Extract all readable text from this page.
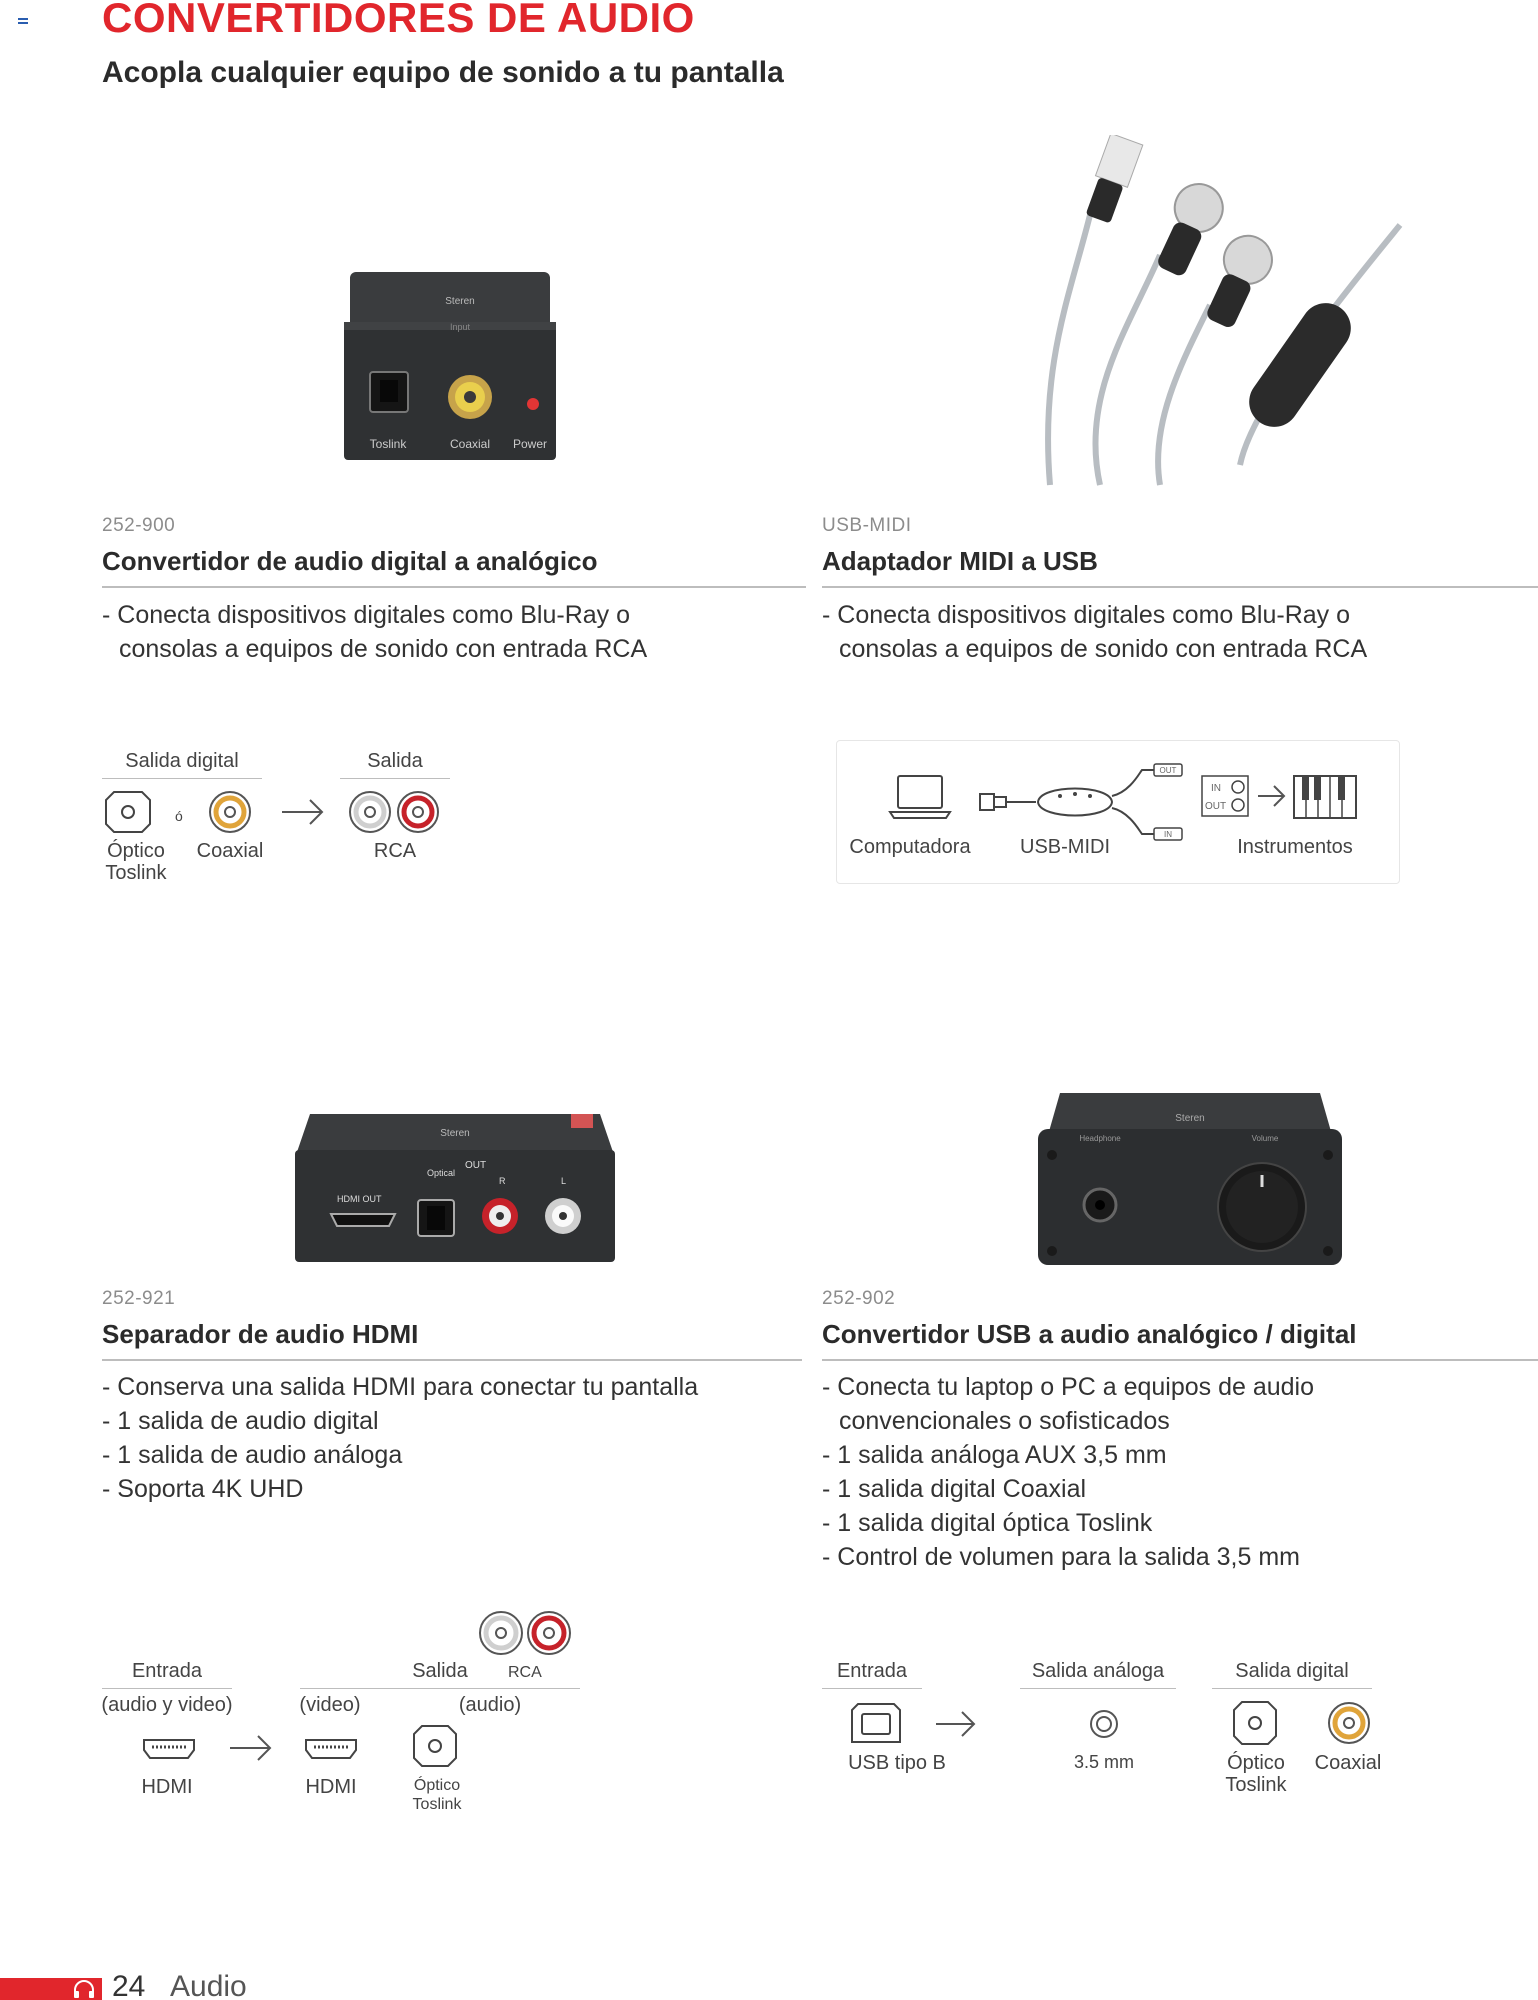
CONVERTIDORES DE AUDIO
Acopla cualquier equipo de sonido a tu pantalla
Steren
Input
Toslink	Coaxial Power
252-900
Convertidor de audio digital a analógico
- Conecta dispositivos digitales como Blu-Ray o consolas a equipos de sonido con entrada RCA
Salida digital	Salida
ó
Óptico
Toslink
Coaxial	RCA
USB-MIDI
Adaptador MIDI a USB
- Conecta dispositivos digitales como Blu-Ray o consolas a equipos de sonido con entrada RCA
OUT
IN
IN
OUT
Computadora	USB-MIDI	Instrumentos
Steren
HDMI OUT
Optical
OUT
R	L
252-921
Separador de audio HDMI
- Conserva una salida HDMI para conectar tu pantalla
- 1 salida de audio digital
- 1 salida de audio análoga
- Soporta 4K UHD
Entrada	Salida	RCA
(audio y video)	(video)	(audio)
HDMI	HDMI	Óptico
Toslink
Steren
Headphone	Volume
252-902
Convertidor USB a audio analógico / digital
- Conecta tu laptop o PC a equipos de audio convencionales o sofisticados
- 1 salida análoga AUX 3,5 mm
- 1 salida digital Coaxial
- 1 salida digital óptica Toslink
- Control de volumen para la salida 3,5 mm
Entrada	Salida análoga	Salida digital
USB tipo B	3.5 mm	Óptico
Toslink
Coaxial
24 Audio
